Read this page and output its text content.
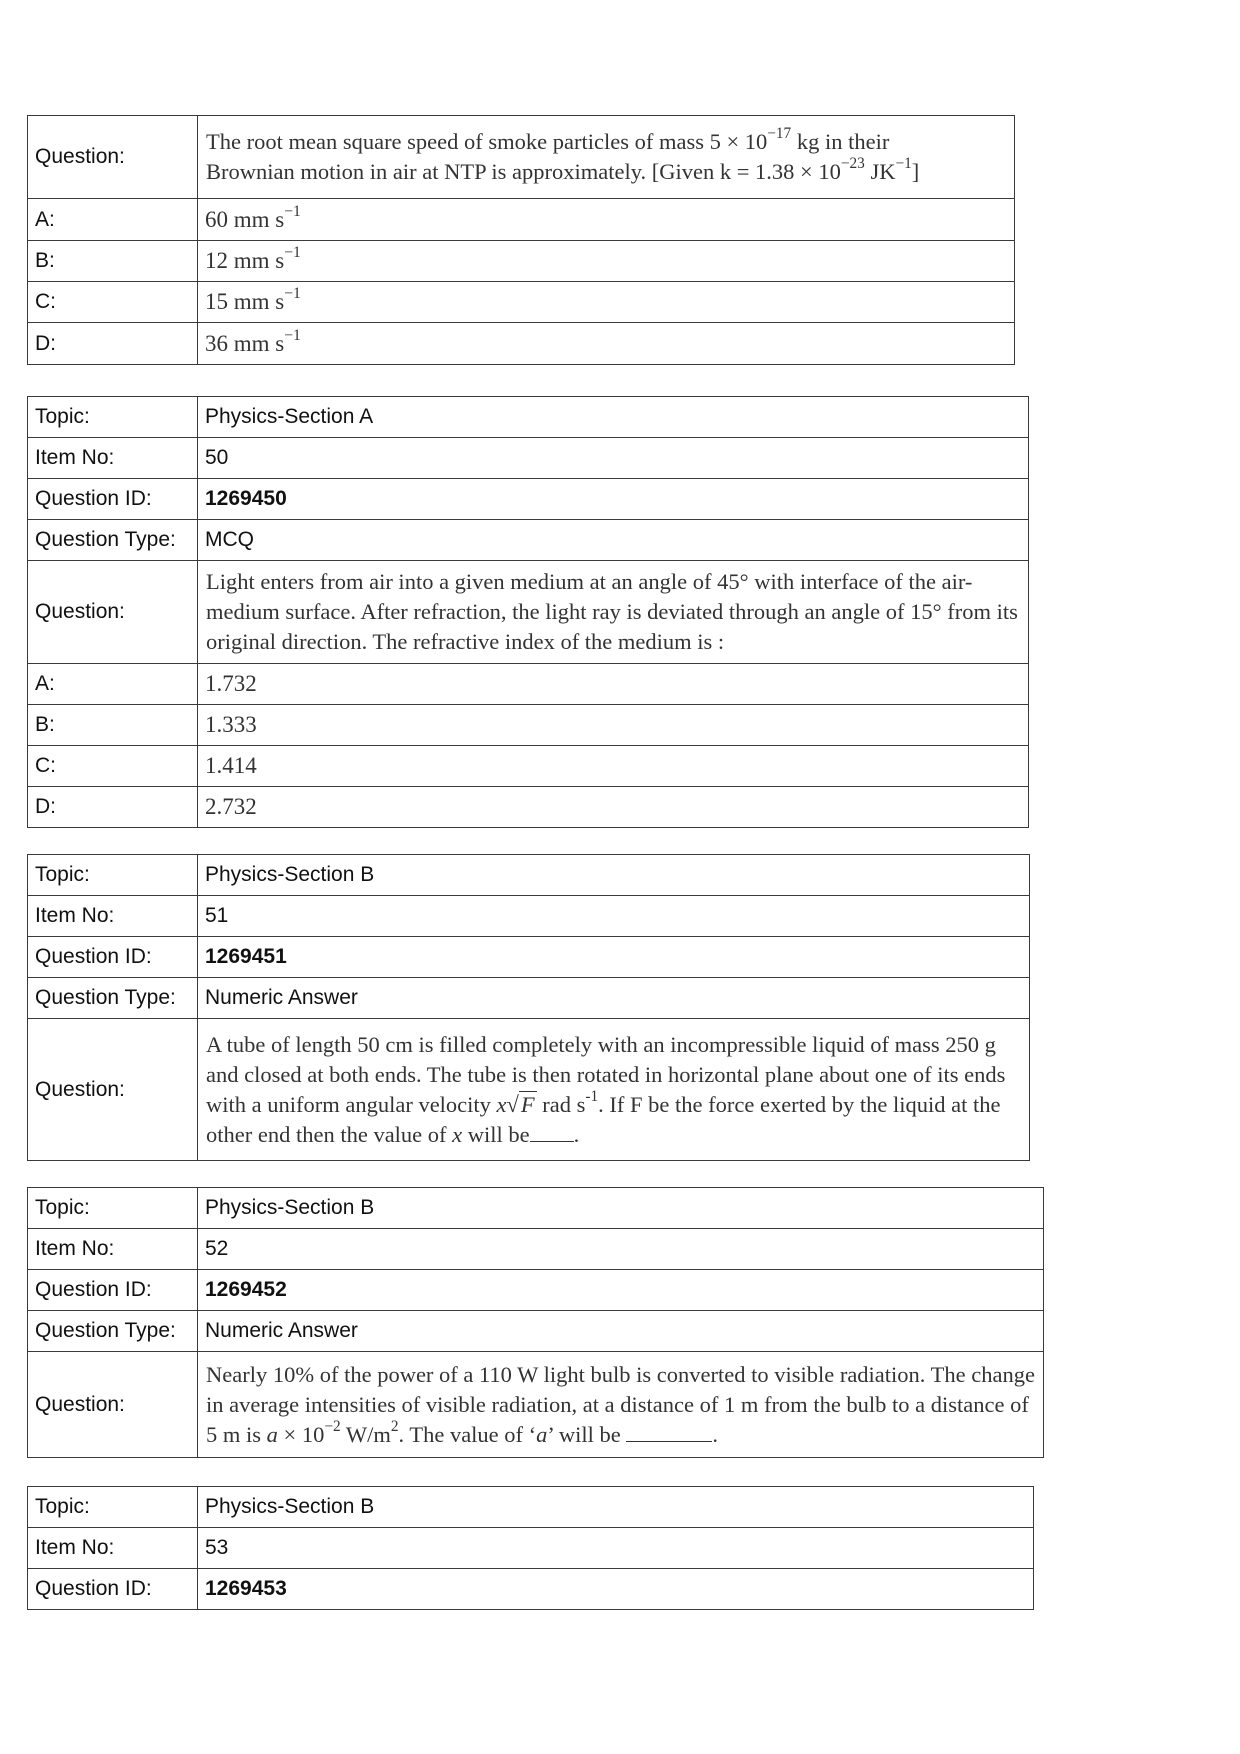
Question:	The root mean square speed of smoke particles of mass $5 \times 10^{-17}$ kg in their
Brownian motion in air at NTP is approximately. [Given $k = 1.38 \times 10^{-23}$ $JK^{-1}$]
A:	60 mm $s^{-1}$
B:	12 mm $s^{-1}$
C:	15 mm $s^{-1}$
D:	36 mm $s^{-1}$
Topic:	Physics-Section A
Item No:	50
Question ID:	1269450
Question Type:	MCQ
Question:	Light enters from air into a given medium at an angle of 45° with interface of the air-medium surface. After refraction, the light ray is deviated through an angle of 15° from its original direction. The refractive index of the medium is :
A:	1.732
B:	1.333
C:	1.414
D:	2.732
Topic:	Physics-Section B
Item No:	51
Question ID:	1269451
Question Type:	Numeric Answer
Question:	A tube of length 50 cm is filled completely with an incompressible liquid of mass 250 g and closed at both ends. The tube is then rotated in horizontal plane about one of its ends with a uniform angular velocity x√F rad $s^{-1}$. If F be the force exerted by the liquid at the other end then the value of x will be .
Topic:	Physics-Section B
Item No:	52
Question ID:	1269452
Question Type:	Numeric Answer
Question:	Nearly 10% of the power of a 110 W light bulb is converted to visible radiation. The change in average intensities of visible radiation, at a distance of 1 m from the bulb to a distance of 5 m is $a \times 10^{-2}$ $W/m^2$. The value of ‘a’ will be .
Topic:	Physics-Section B
Item No:	53
Question ID:	1269453
